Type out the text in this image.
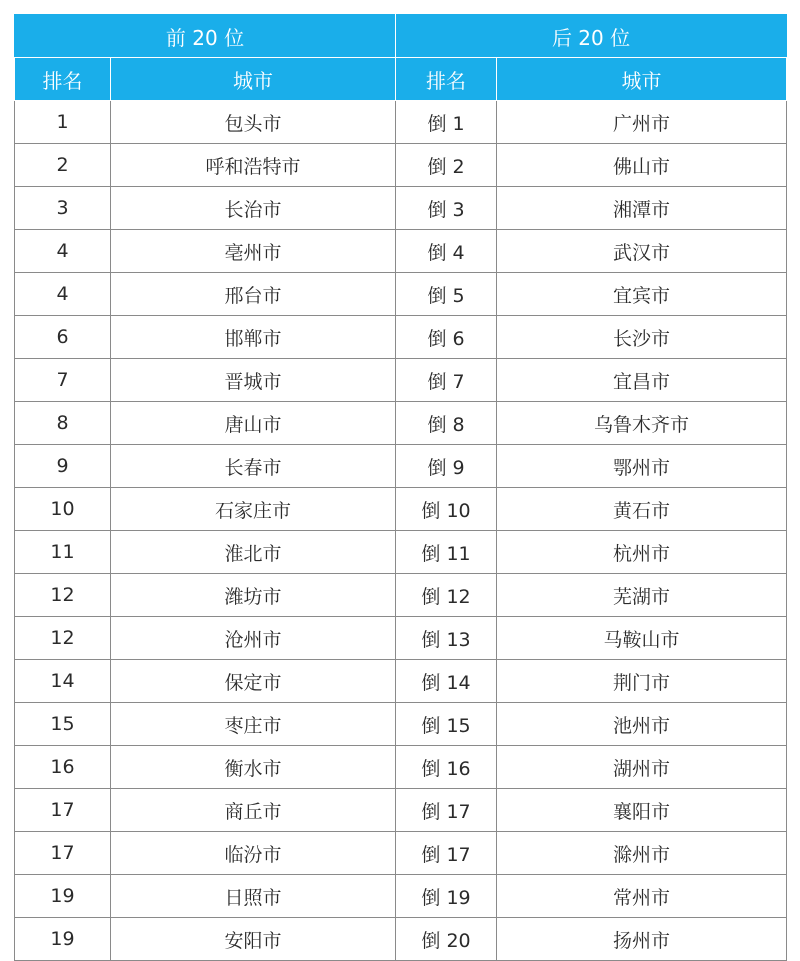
前 20 位		后 20 位	
排名	城市	排名	城市
1	包头市	倒 1	广州市
2	呼和浩特市	倒 2	佛山市
3	长治市	倒 3	湘潭市
4	亳州市	倒 4	武汉市
4	邢台市	倒 5	宜宾市
6	邯郸市	倒 6	长沙市
7	晋城市	倒 7	宜昌市
8	唐山市	倒 8	乌鲁木齐市
9	长春市	倒 9	鄂州市
10	石家庄市	倒 10	黄石市
11	淮北市	倒 11	杭州市
12	潍坊市	倒 12	芜湖市
12	沧州市	倒 13	马鞍山市
14	保定市	倒 14	荆门市
15	枣庄市	倒 15	池州市
16	衡水市	倒 16	湖州市
17	商丘市	倒 17	襄阳市
17	临汾市	倒 17	滁州市
19	日照市	倒 19	常州市
19	安阳市	倒 20	扬州市
